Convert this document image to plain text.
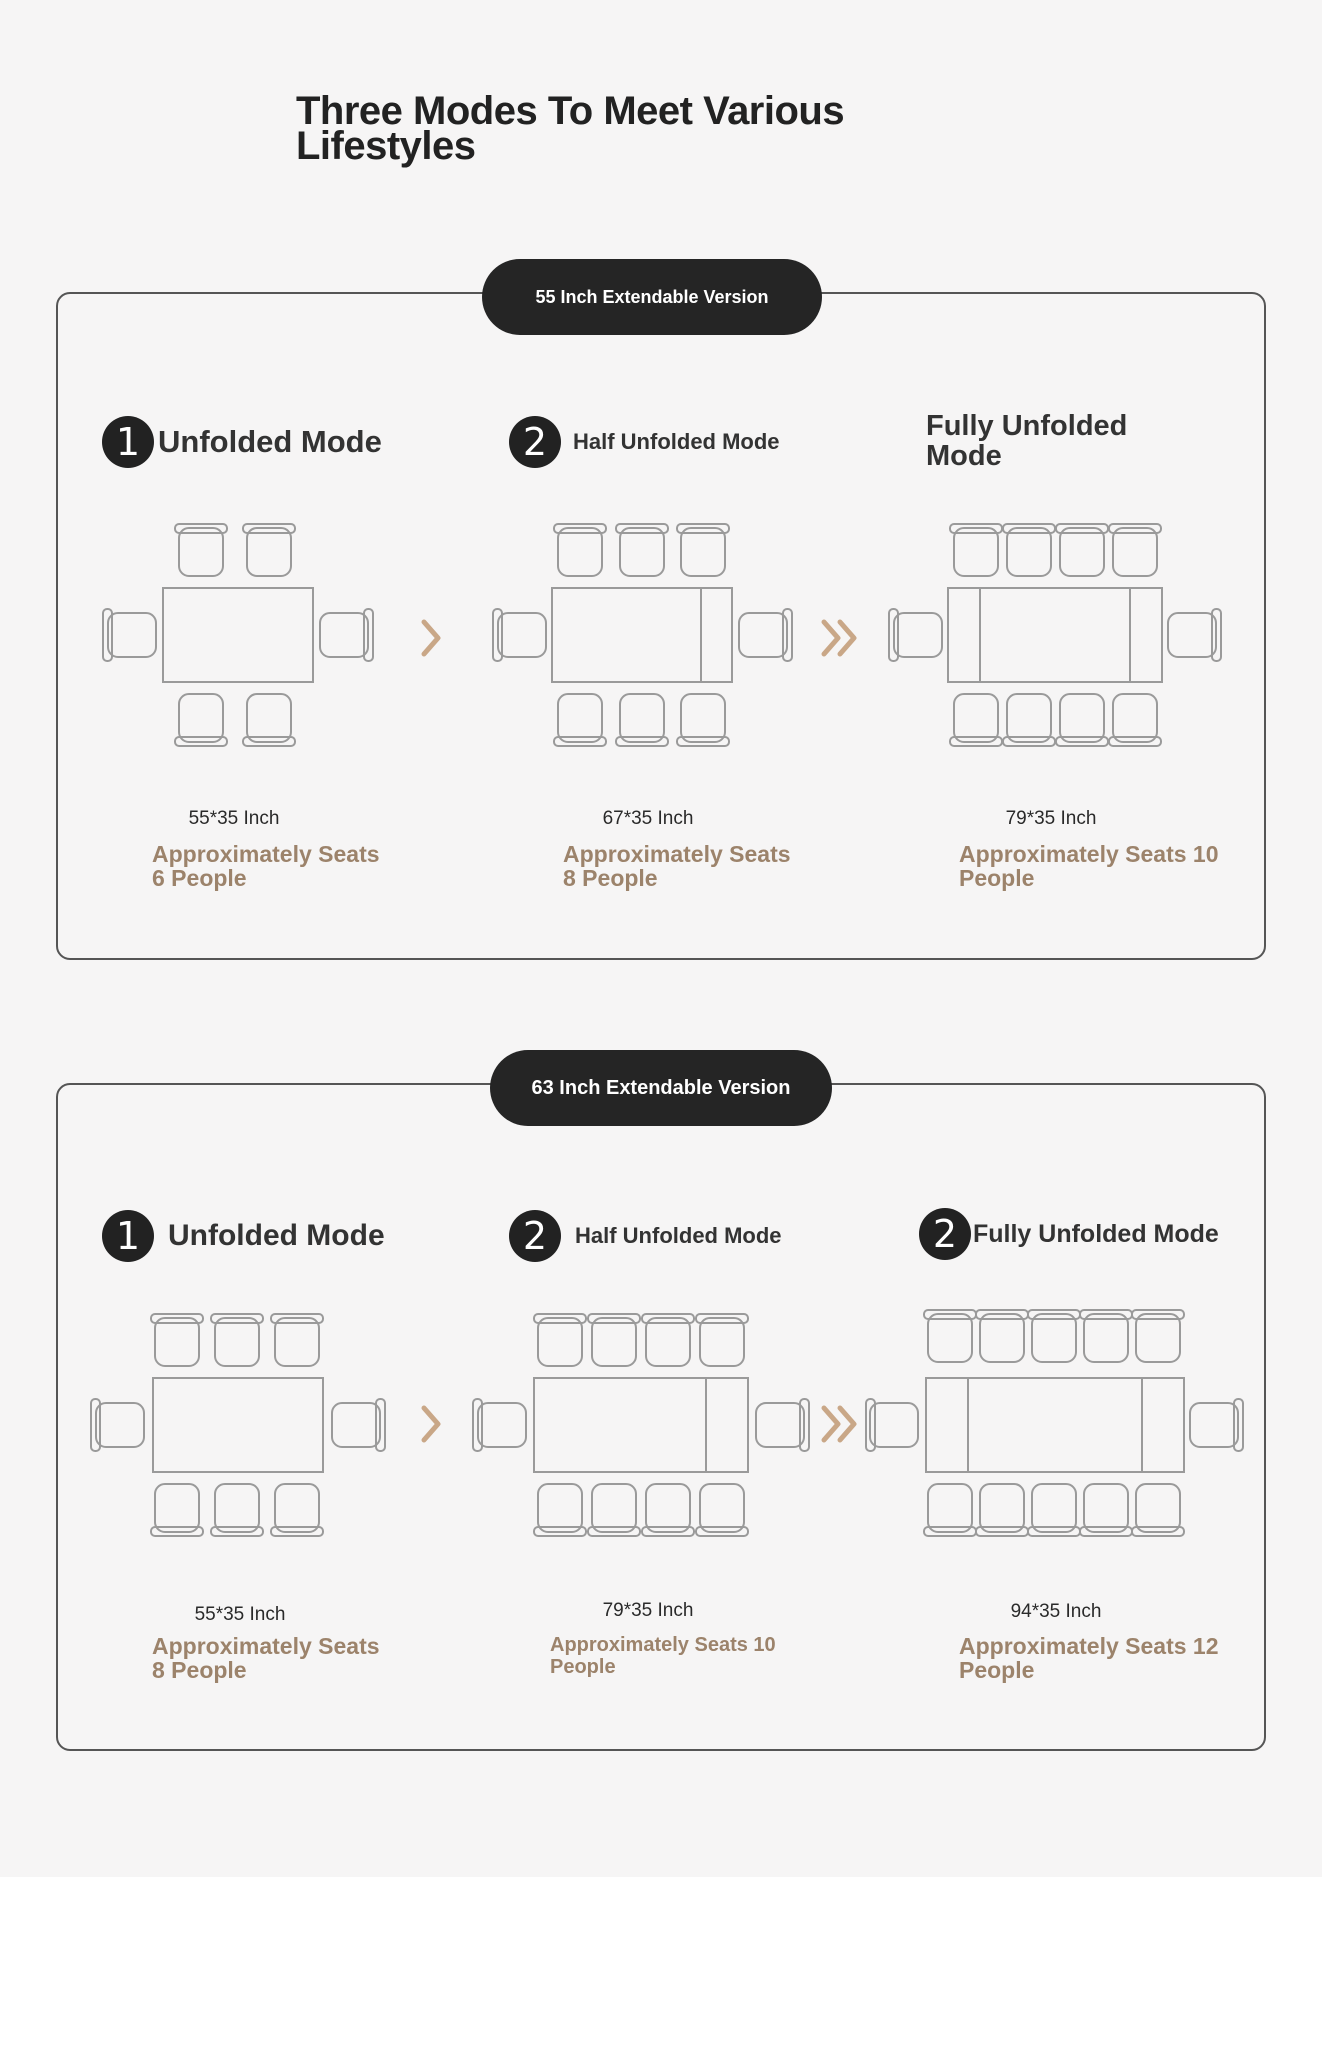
Three Modes To Meet Various Lifestyles
55 Inch Extendable Version
1 Unfolded Mode	2	Half Unfolded Mode	Fully Unfolded Mode
55*35 Inch	67*35 Inch	79*35 Inch
Approximately Seats 6 People
Approximately Seats 8 People
Approximately Seats 10 People
63 Inch Extendable Version
1 Unfolded Mode	2	Half Unfolded Mode	2 Fully Unfolded Mode
55*35 Inch	79*35 Inch	94*35 Inch
Approximately Seats 8 People
Approximately Seats 10 People
Approximately Seats 12 People
